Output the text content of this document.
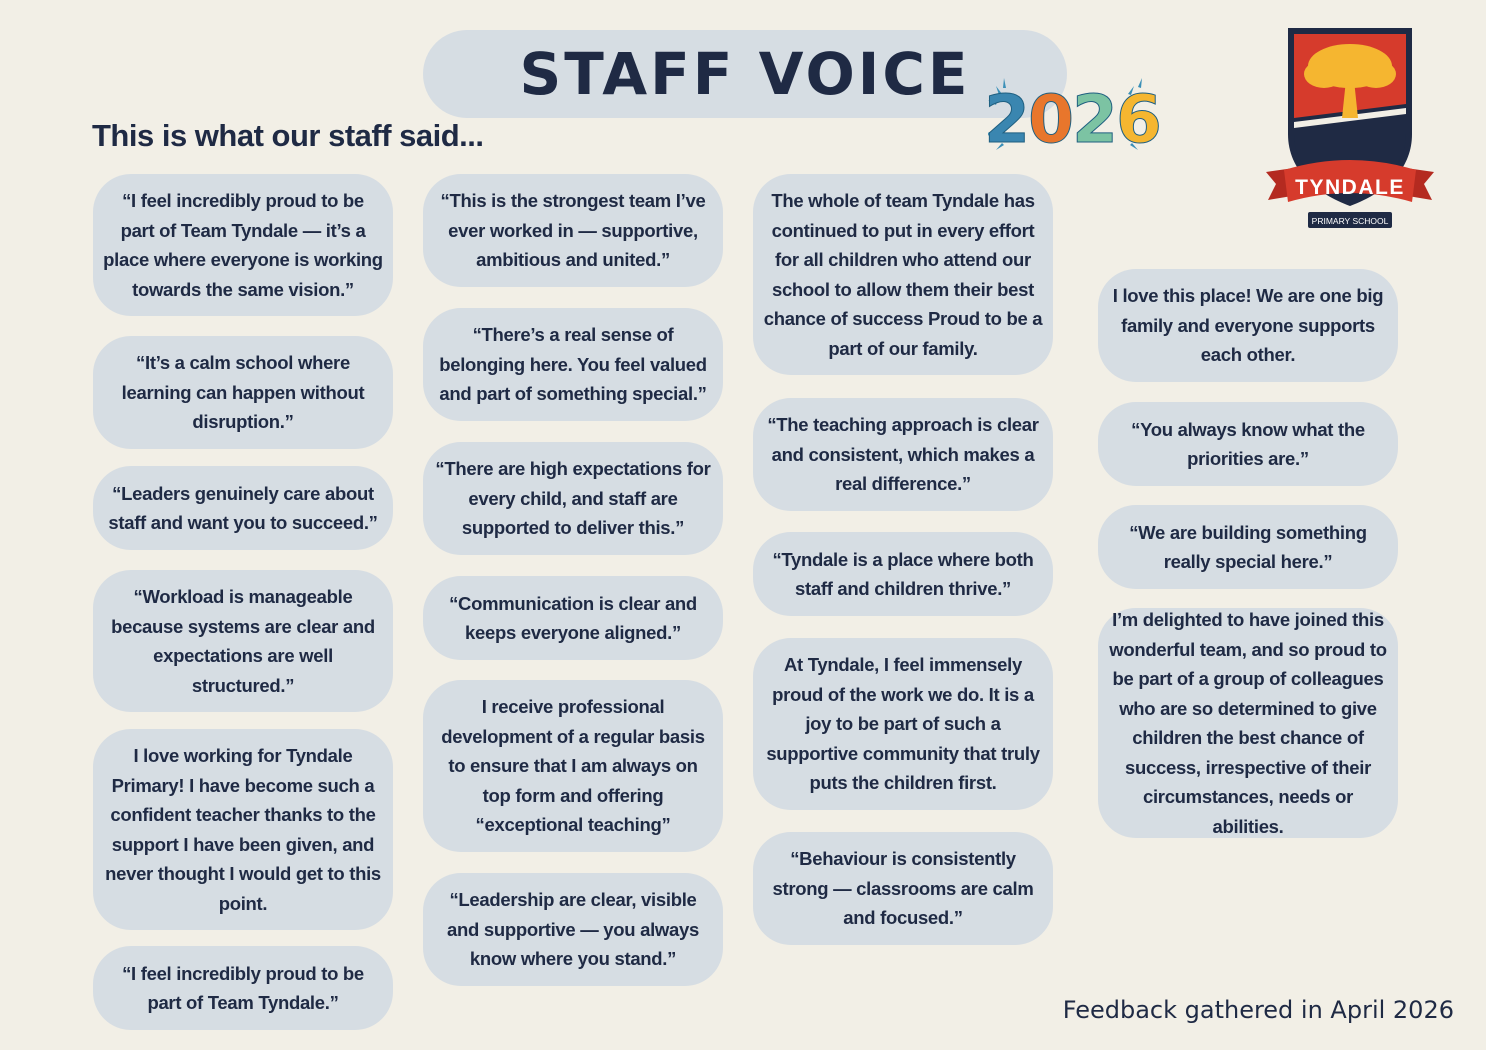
STAFF VOICE
This is what our staff said...	2026
TYNDALE
PRIMARY SCHOOL
“I feel incredibly proud to be part of Team Tyndale — it’s a place where everyone is working towards the same vision.”
“It’s a calm school where learning can happen without disruption.”
“Leaders genuinely care about staff and want you to succeed.”
“Workload is manageable because systems are clear and expectations are well structured.”
I love working for Tyndale Primary! I have become such a confident teacher thanks to the support I have been given, and never thought I would get to this point.
“I feel incredibly proud to be part of Team Tyndale.”
“This is the strongest team I’ve ever worked in — supportive, ambitious and united.”
“There’s a real sense of belonging here. You feel valued and part of something special.”
“There are high expectations for every child, and staff are supported to deliver this.”
“Communication is clear and keeps everyone aligned.”
I receive professional development of a regular basis to ensure that I am always on top form and offering “exceptional teaching”
“Leadership are clear, visible and supportive — you always know where you stand.”
The whole of team Tyndale has continued to put in every effort for all children who attend our school to allow them their best chance of success Proud to be a part of our family.
“The teaching approach is clear and consistent, which makes a real difference.”
“Tyndale is a place where both staff and children thrive.”
At Tyndale, I feel immensely proud of the work we do. It is a joy to be part of such a supportive community that truly puts the children first.
“Behaviour is consistently strong — classrooms are calm and focused.”
I love this place! We are one big family and everyone supports each other.
“You always know what the priorities are.”
“We are building something really special here.”
I’m delighted to have joined this wonderful team, and so proud to be part of a group of colleagues who are so determined to give children the best chance of success, irrespective of their circumstances, needs or abilities.

Feedback gathered in April 2026
